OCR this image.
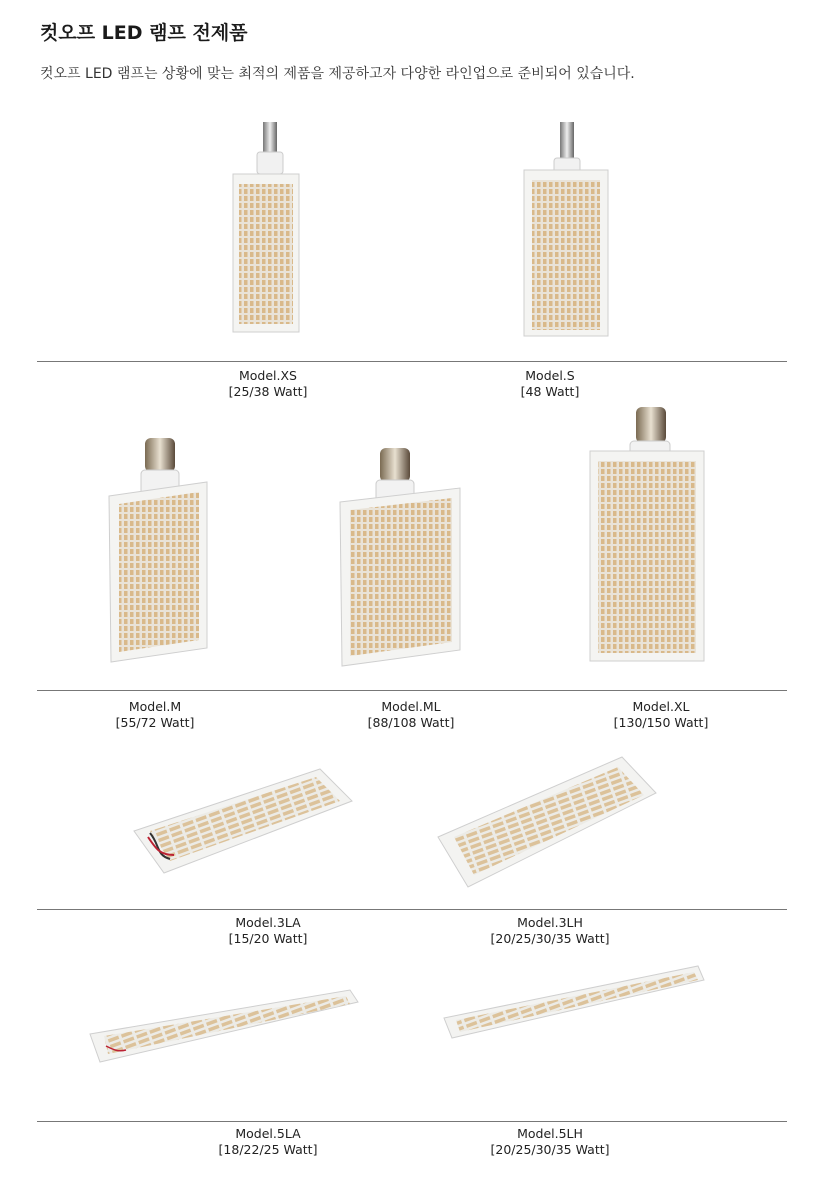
컷오프 LED 램프 전제품

컷오프 LED 램프는 상황에 맞는 최적의 제품을 제공하고자 다양한 라인업으로 준비되어 있습니다.

Model.XS
[25/38 Watt]
Model.S
[48 Watt]
Model.M
[55/72 Watt]
Model.ML
[88/108 Watt]
Model.XL
[130/150 Watt]
Model.3LA
[15/20 Watt]
Model.3LH
[20/25/30/35 Watt]
Model.5LA
[18/22/25 Watt]
Model.5LH
[20/25/30/35 Watt]
